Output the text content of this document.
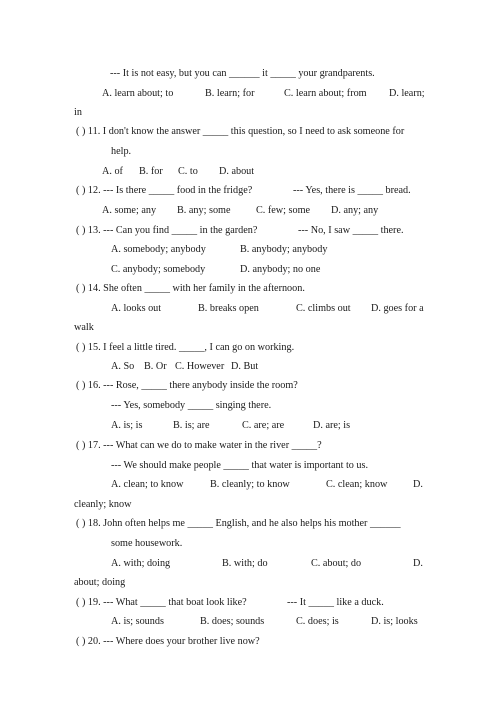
--- It is not easy, but you can ______ it _____ your grandparents.
A. learn about; to	B. learn; for	C. learn about; from D. learn;
in
( ) 11. I don't know the answer _____ this question, so I need to ask someone for
help.
A. of B. for C. to D. about
( ) 12. --- Is there _____ food in the fridge?	--- Yes, there is _____ bread.
A. some; any B. any; some	C. few; some D. any; any
( ) 13. --- Can you find _____ in the garden?	--- No, I saw _____ there.
A. somebody; anybody	B. anybody; anybody
C. anybody; somebody	D. anybody; no one
( ) 14. She often _____ with her family in the afternoon.
A. looks out	B. breaks open	C. climbs out D. goes for a
walk
( ) 15. I feel a little tired. _____, I can go on working.
A. So B. Or C. However D. But
( ) 16. --- Rose, _____ there anybody inside the room?
--- Yes, somebody _____ singing there.
A. is; is	B. is; are	C. are; are	D. are; is
( ) 17. --- What can we do to make water in the river _____?
--- We should make people _____ that water is important to us.
A. clean; to know	B. cleanly; to know	C. clean; know	D.
cleanly; know
( ) 18. John often helps me _____ English, and he also helps his mother ______
some housework.
A. with; doing	B. with; do	C. about; do	D.
about; doing
( ) 19. --- What _____ that boat look like?	--- It _____ like a duck.
A. is; sounds	B. does; sounds	C. does; is	D. is; looks
( ) 20. --- Where does your brother live now?
